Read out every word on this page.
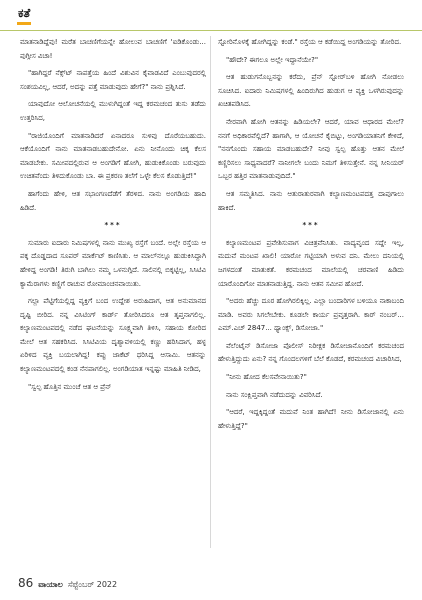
ಕತೆ

ಮಾತನಾಡಿದ್ದೆವು! ಮರೆತ ಬಾಚಣಿಗೆಯನ್ನೇ ಹೋಲುವ ಬಾಚಣಿಗೆ 'ಐಡಿಕೊಂಡು... ಪುಗ್ಗೀಸ ವಿಚಾ!

"ಹಾಗಿದ್ದರೆ ನೆಕ್ಸ್‌ಟ್ ನಾಪತ್ತೆಯ ಹಿಂದೆ ವಿಶುವಿನ ಕೈವಾಡವಿದೆ ಎಂಬುವುದರಲ್ಲಿ ಸಂಶಯವಿಲ್ಲ, ಆದರೆ, ಅದನ್ನು ಪತ್ತೆ ಮಾಡುವುದು ಹೇಗೆ?" ನಾನು ಪ್ರಶ್ನಿಸಿದೆ.

ಯಾವುದೋ ಆಲೋಚನೆಯಲ್ಲಿ ಮುಳುಗಿದ್ದಂತೆ ಇದ್ದ ಕರಮಚಂದ ತುಸು ತಡೆದು ಉತ್ತರಿಸಿದ,

"ರಾಜಿಯೊಂದಿಗೆ ಮಾತನಾಡಿದರೆ ಏನಾದರೂ ಸುಳಿವು ದೊರೆಯಬಹುದು. ಆಕೆಯೊಂದಿಗೆ ನಾನು ಮಾತನಾಡಬಹುದೇನೋ. ಏನು ನೀನೊಂದು ಚಿಕ್ಕ ಕೆಲಸ ಮಾಡಬೇಕು. ಸಮೀಪದಲ್ಲಿರುವ ಆ ಅಂಗಡಿಗೆ ಹೋಗಿ, ಹುಡುಕಿಕೊಂಡು ಬರುವುದು ಉಚಿತವೆಂದು ತಿಳಿದುಕೊಂಡು ಬಾ. ಈ ಪ್ರಕರಣ ತಲೆಗೆ ಒಳ್ಳೇ ಕೆಲಸ ಕೊಡುತ್ತಿದೆ!"

ಹಾಗೆಂದು ಹೇಳಿ, ಆತ ಸಭಾಂಗಣದೆಡೆಗೆ ತೆರಳಿದ. ನಾನು ಅಂಗಡಿಯ ಹಾದಿ ಹಿಡಿದೆ.

***

ಸುಮಾರು ಐದಾರು ನಿಮಿಷಗಳಲ್ಲಿ ನಾನು ಮುಖ್ಯ ರಸ್ತೆಗೆ ಬಂದೆ. ಅಲ್ಲೇ ರಸ್ತೆಯ ಆ ಪಕ್ಕ ದೊಡ್ಡದಾದ ಸೂಪರ್ ಮಾರ್ಕೆಟ್ ಕಾಣಿಸಿತು. ಆ ಮಾಲ್‌ನಲ್ಲೂ ಹುಡುಕಿಸಿದ್ದಾಗಿ ಹೇಳಿದ್ದ ಅಂಗಡಿ! ತಿರುಗಿ ಬಾಗಿಲು ನಮ್ಮ ಒಳನುಗ್ಗಿದೆ. ಸಾಲಿನಲ್ಲಿ ಬಿಕ್ಕಟ್ಟಿಲ್ಲ, ಸಿಸಿಟಿವಿ ಕ್ಯಾಮೆರಾಗಳು ಕಣ್ಣಿಗೆ ರಾಚುವ ರೋಮಾಂಚನವಾಯಿತು.

ಗಲ್ಲಾ ಪೆಟ್ಟಿಗೆಯಲ್ಲಿದ್ದ ವ್ಯಕ್ತಿಗೆ ಬಂದ ಉದ್ದೇಶ ಅರುಹಿದಾಗ, ಆತ ಅನುಮಾನದ ದೃಷ್ಟಿ ಬೀರಿದ. ನನ್ನ ವಿಸಿಟಿಂಗ್ ಕಾರ್ಡ್ ತೋರಿಸಿದರೂ ಆತ ತೃಪ್ತನಾಗಲಿಲ್ಲ. ಕಲ್ಯಾಣಮಂಟಪದಲ್ಲಿ ನಡೆದ ಘಟನೆಯನ್ನು ಸೂಕ್ಷ್ಮವಾಗಿ ತಿಳಿಸಿ, ಸಹಾಯ ಕೋರಿದ ಮೇಲೆ ಆತ ಸಹಕರಿಸಿದ. ಸಿಸಿಟಿವಿಯ ದೃಶ್ಯಾವಳಿಯಲ್ಲಿ ಕಣ್ಣು ಹರಿಸಿದಾಗ, ಹಳ್ಳ ಏರಿಳಿದ ವ್ಯಕ್ತಿ ಬಯಲಾಗಿದ್ದ! ಕಪ್ಪು ಜಾಕೆಟ್ ಧರಿಸಿದ್ದ ಆಸಾಮಿ. ಆತನನ್ನು ಕಲ್ಯಾಣಮಂಟಪದಲ್ಲಿ ಕಂಡ ನೆನಪಾಗಲಿಲ್ಲ. ಅಂಗಡಿಯಾತ ಇನ್ನಷ್ಟು ಮಾಹಿತಿ ನೀಡಿದ,

"ಸ್ವಲ್ಪ ಹೊತ್ತಿನ ಮುಂಚೆ ಆತ ಆ ಪ್ರೆನ್

ಸ್ಟೋರಿನೊಳಕ್ಕೆ ಹೋಗಿದ್ದನ್ನು ಕಂಡೆ." ರಸ್ತೆಯ ಆ ಕಡೆಯಿದ್ದ ಅಂಗಡಿಯನ್ನು ತೋರಿದ.

"ಹೌದೇ? ಈಗಲೂ ಅಲ್ಲೇ ಇದ್ದಾನೆಯೇ?"

ಆತ ಹುಡುಗನೊಬ್ಬನನ್ನು ಕರೆದು, ಪ್ರೆನ್ ಸ್ಟೋರ್‌ಬಳಿ ಹೋಗಿ ನೋಡಲು ಸೂಚಿಸಿದ. ಐದಾರು ನಿಮಿಷಗಳಲ್ಲಿ ಹಿಂದಿರುಗಿದ ಹುಡುಗ ಆ ವ್ಯಕ್ತಿ ಒಳಗಿರುವುದನ್ನು ಖಚಿತಪಡಿಸಿದ.

ನೇರವಾಗಿ ಹೋಗಿ ಆತನನ್ನು ಹಿಡಿಯಲೇ? ಆದರೆ, ಯಾವ ಆಧಾರದ ಮೇಲೆ? ನನಗೆ ಅಧಿಕಾರವೆಲ್ಲಿದೆ? ಹಾಗಾಗಿ, ಆ ಯೋಚನೆ ಕೈಬಿಟ್ಟು, ಅಂಗಡಿಯಾತನಿಗೆ ಕೇಳಿದೆ, "ನನಗೊಂದು ಸಹಾಯ ಮಾಡಬಹುದೇ? ನೀವು ಸ್ವಲ್ಪ ಹೊತ್ತು ಆತನ ಮೇಲೆ ಕಣ್ಣಿರಿಸಲು ಸಾಧ್ಯವಾದರೆ? ನಾನೀಗಲೇ ಬಂದು ನಿಮಗೆ ತಿಳಿಸುತ್ತೇನೆ. ನನ್ನ ಸೀನಿಯರ್ ಒಬ್ಬರ ಹತ್ತಿರ ಮಾತನಾಡುವುದಿದೆ."

ಆತ ಸಮ್ಮತಿಸಿದ. ನಾನು ಆತುರಾತುರವಾಗಿ ಕಲ್ಯಾಣಮಂಟಪದತ್ತ ದಾಪುಗಾಲು ಹಾಕಿದೆ.

***

ಕಲ್ಯಾಣಮಂಟಪ ಪ್ರವೇಶಿಸುವಾಗ ವಿಚಿತ್ರವೆನಿಸಿತು. ವಾದ್ಯವೃಂದ ಸದ್ದೇ ಇಲ್ಲ, ಮದುವೆ ಮಂಟಪ ಖಾಲಿ! ಯಾರೋ ಗಟ್ಟಿಯಾಗಿ ಅಳುವ ದನಿ. ಮೇಲು ದನಿಯಲ್ಲಿ ಜಗಳದಂತೆ ಮಾತುಕತೆ. ಕರಮಚಂದ ಮಾಲೆಯಲ್ಲಿ ಚರವಾಣಿ ಹಿಡಿದು ಯಾರೊಂದಿಗೋ ಮಾತನಾಡುತ್ತಿದ್ದ. ನಾನು ಆತನ ಸಮೀಪ ಹೋದೆ.

"ಅದರು ಹೆಚ್ಚು ದೂರ ಹೋಗಿರಲಿಕ್ಕಿಲ್ಲ. ಎಲ್ಲಾ ಬಂದಾರಿಗಳ ಬಳಿಯೂ ನಾಕಾಬಂದಿ ಮಾಡಿ. ಅವರು ಸಿಗಲೇಬೇಕು. ಕೂಡಲೇ ಕಾರ್ಯ ಪ್ರವೃತ್ತರಾಗಿ. ಕಾರ್ ನಂಬರ್... ಎಮ್‌.ಎಚ್ 2847... ಥ್ಯಾಂಕ್ಸ್, ಡಿಸೋಜಾ."

ವೆಲೆಂಟೈನ್ ಡಿಸೋಜಾ ಪೊಲೀಸ್ ನಿರೀಕ್ಷಕ ಡಿಸೋಜಾನೊಂದಿಗೆ ಕರಮಚಂದ ಹೇಳುತ್ತಿದ್ದುದು ಏನು? ನನ್ನ ಗೊಂದಲಗಳಿಗೆ ಬೆಲೆ ಕೊಡದೆ, ಕರಮಚಂದ ವಿಚಾರಿಸಿದ,

"ನೀನು ಹೋದ ಕೆಲಸವೇನಾಯಿತು?"

ನಾನು ಸಂಕ್ಷಿಪ್ತವಾಗಿ ನಡೆದುದನ್ನು ವಿವರಿಸಿದೆ.

"ಆದರೆ, ಇದ್ದಕ್ಕಿದ್ದಂತೆ ಮದುವೆ ನಿಂತ ಹಾಗಿದೆ! ನೀನು ಡಿಸೋಜಾನಲ್ಲಿ ಏನು ಹೇಳುತ್ತಿದ್ದೆ?"

86 ವಾಯಾಲ ಸೆಪ್ಟೆಂಬರ್ 2022
